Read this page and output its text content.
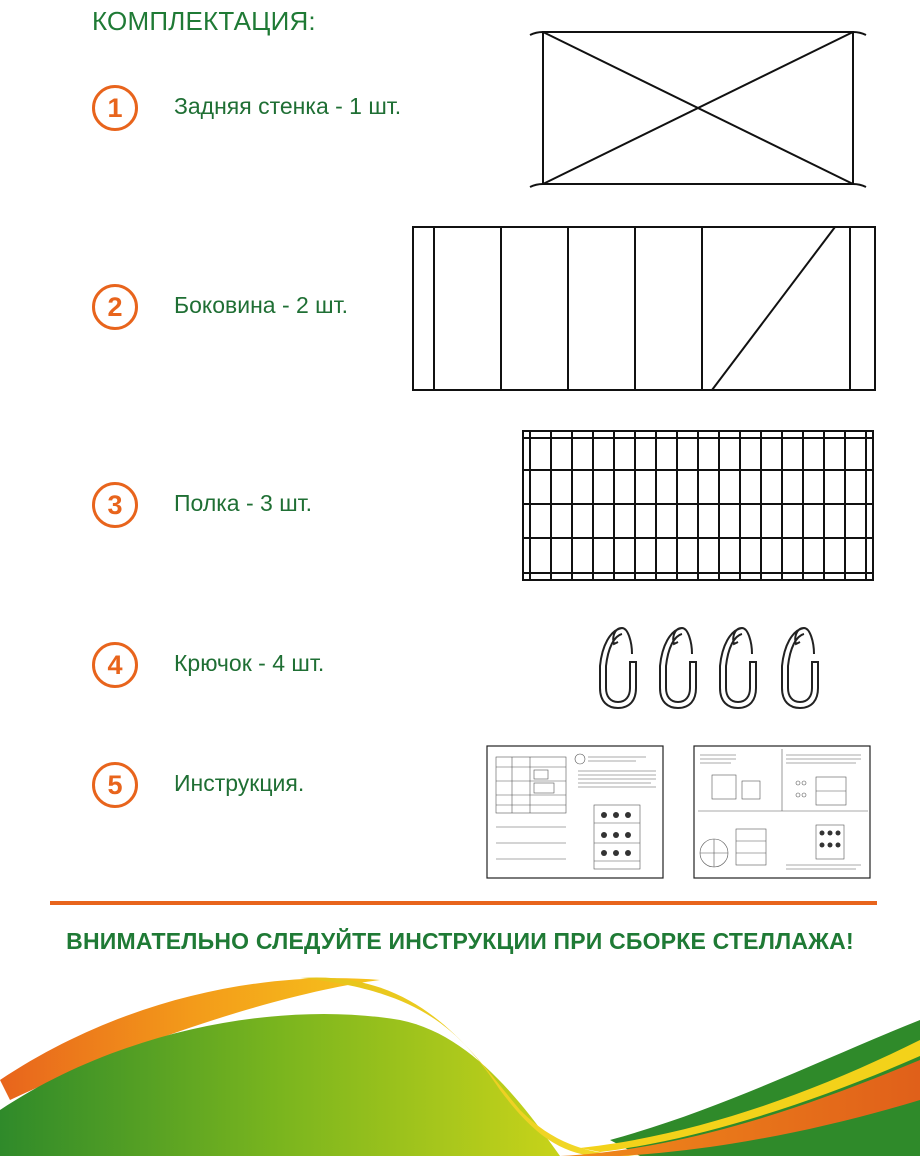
КОМПЛЕКТАЦИЯ:
1	Задняя стенка - 1 шт.
2	Боковина - 2 шт.
3	Полка - 3 шт.
4	Крючок - 4 шт.
5	Инструкция.
ВНИМАТЕЛЬНО СЛЕДУЙТЕ ИНСТРУКЦИИ ПРИ СБОРКЕ СТЕЛЛАЖА!
